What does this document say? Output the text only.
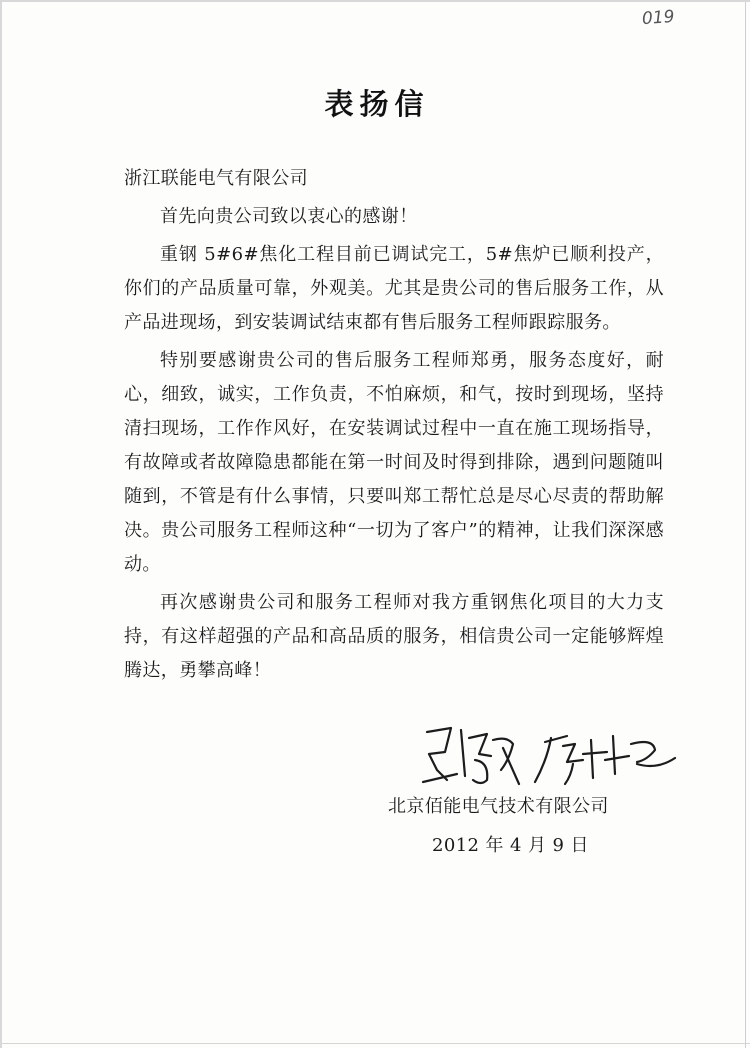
019
表扬信

浙江联能电气有限公司

首先向贵公司致以衷心的感谢！

重钢 5#6#焦化工程目前已调试完工，5#焦炉已顺利投产，你们的产品质量可靠，外观美。尤其是贵公司的售后服务工作，从产品进现场，到安装调试结束都有售后服务工程师跟踪服务。

特别要感谢贵公司的售后服务工程师郑勇，服务态度好，耐心，细致，诚实，工作负责，不怕麻烦，和气，按时到现场，坚持清扫现场，工作作风好，在安装调试过程中一直在施工现场指导，有故障或者故障隐患都能在第一时间及时得到排除，遇到问题随叫随到，不管是有什么事情，只要叫郑工帮忙总是尽心尽责的帮助解决。贵公司服务工程师这种“一切为了客户”的精神，让我们深深感动。

再次感谢贵公司和服务工程师对我方重钢焦化项目的大力支持，有这样超强的产品和高品质的服务，相信贵公司一定能够辉煌腾达，勇攀高峰！

北京佰能电气技术有限公司
2012 年 4 月 9 日
